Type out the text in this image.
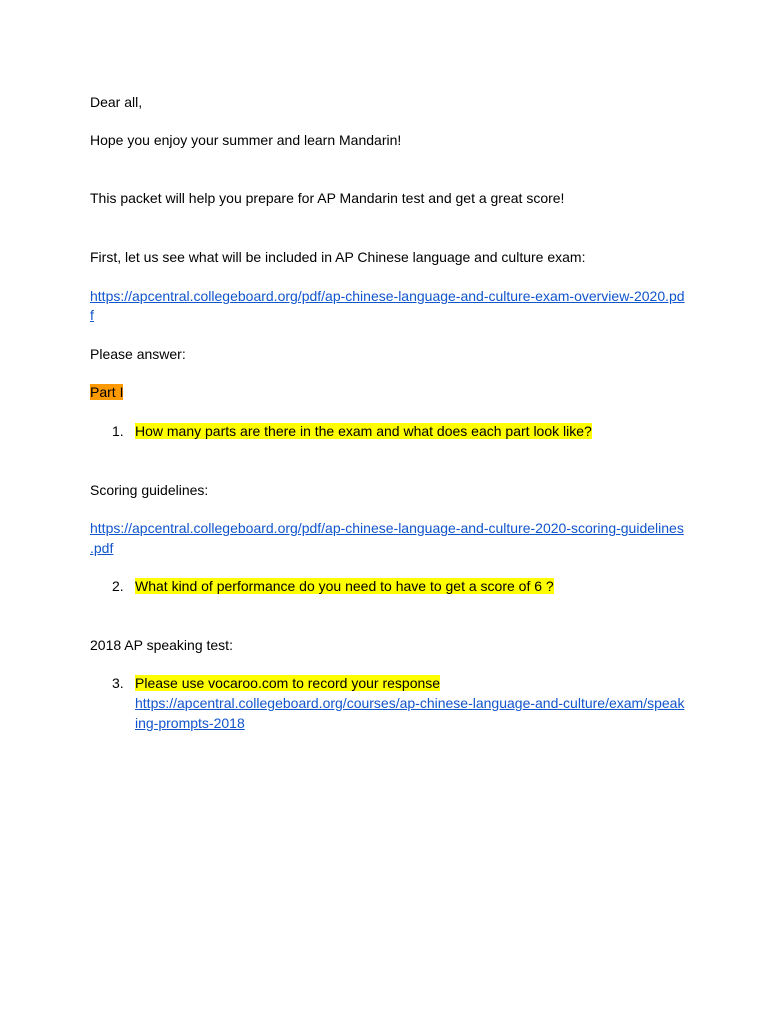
Dear all,
Hope you enjoy your summer and learn Mandarin!
This packet will help you prepare for AP Mandarin test and get a great score!
First, let us see what will be included in AP Chinese language and culture exam:
https://apcentral.collegeboard.org/pdf/ap-chinese-language-and-culture-exam-overview-2020.pd
f
Please answer:
Part I
1. How many parts are there in the exam and what does each part look like?
Scoring guidelines:
https://apcentral.collegeboard.org/pdf/ap-chinese-language-and-culture-2020-scoring-guidelines
.pdf
2. What kind of performance do you need to have to get a score of 6 ?
2018 AP speaking test:
3. Please use vocaroo.com to record your response
https://apcentral.collegeboard.org/courses/ap-chinese-language-and-culture/exam/speak
ing-prompts-2018
